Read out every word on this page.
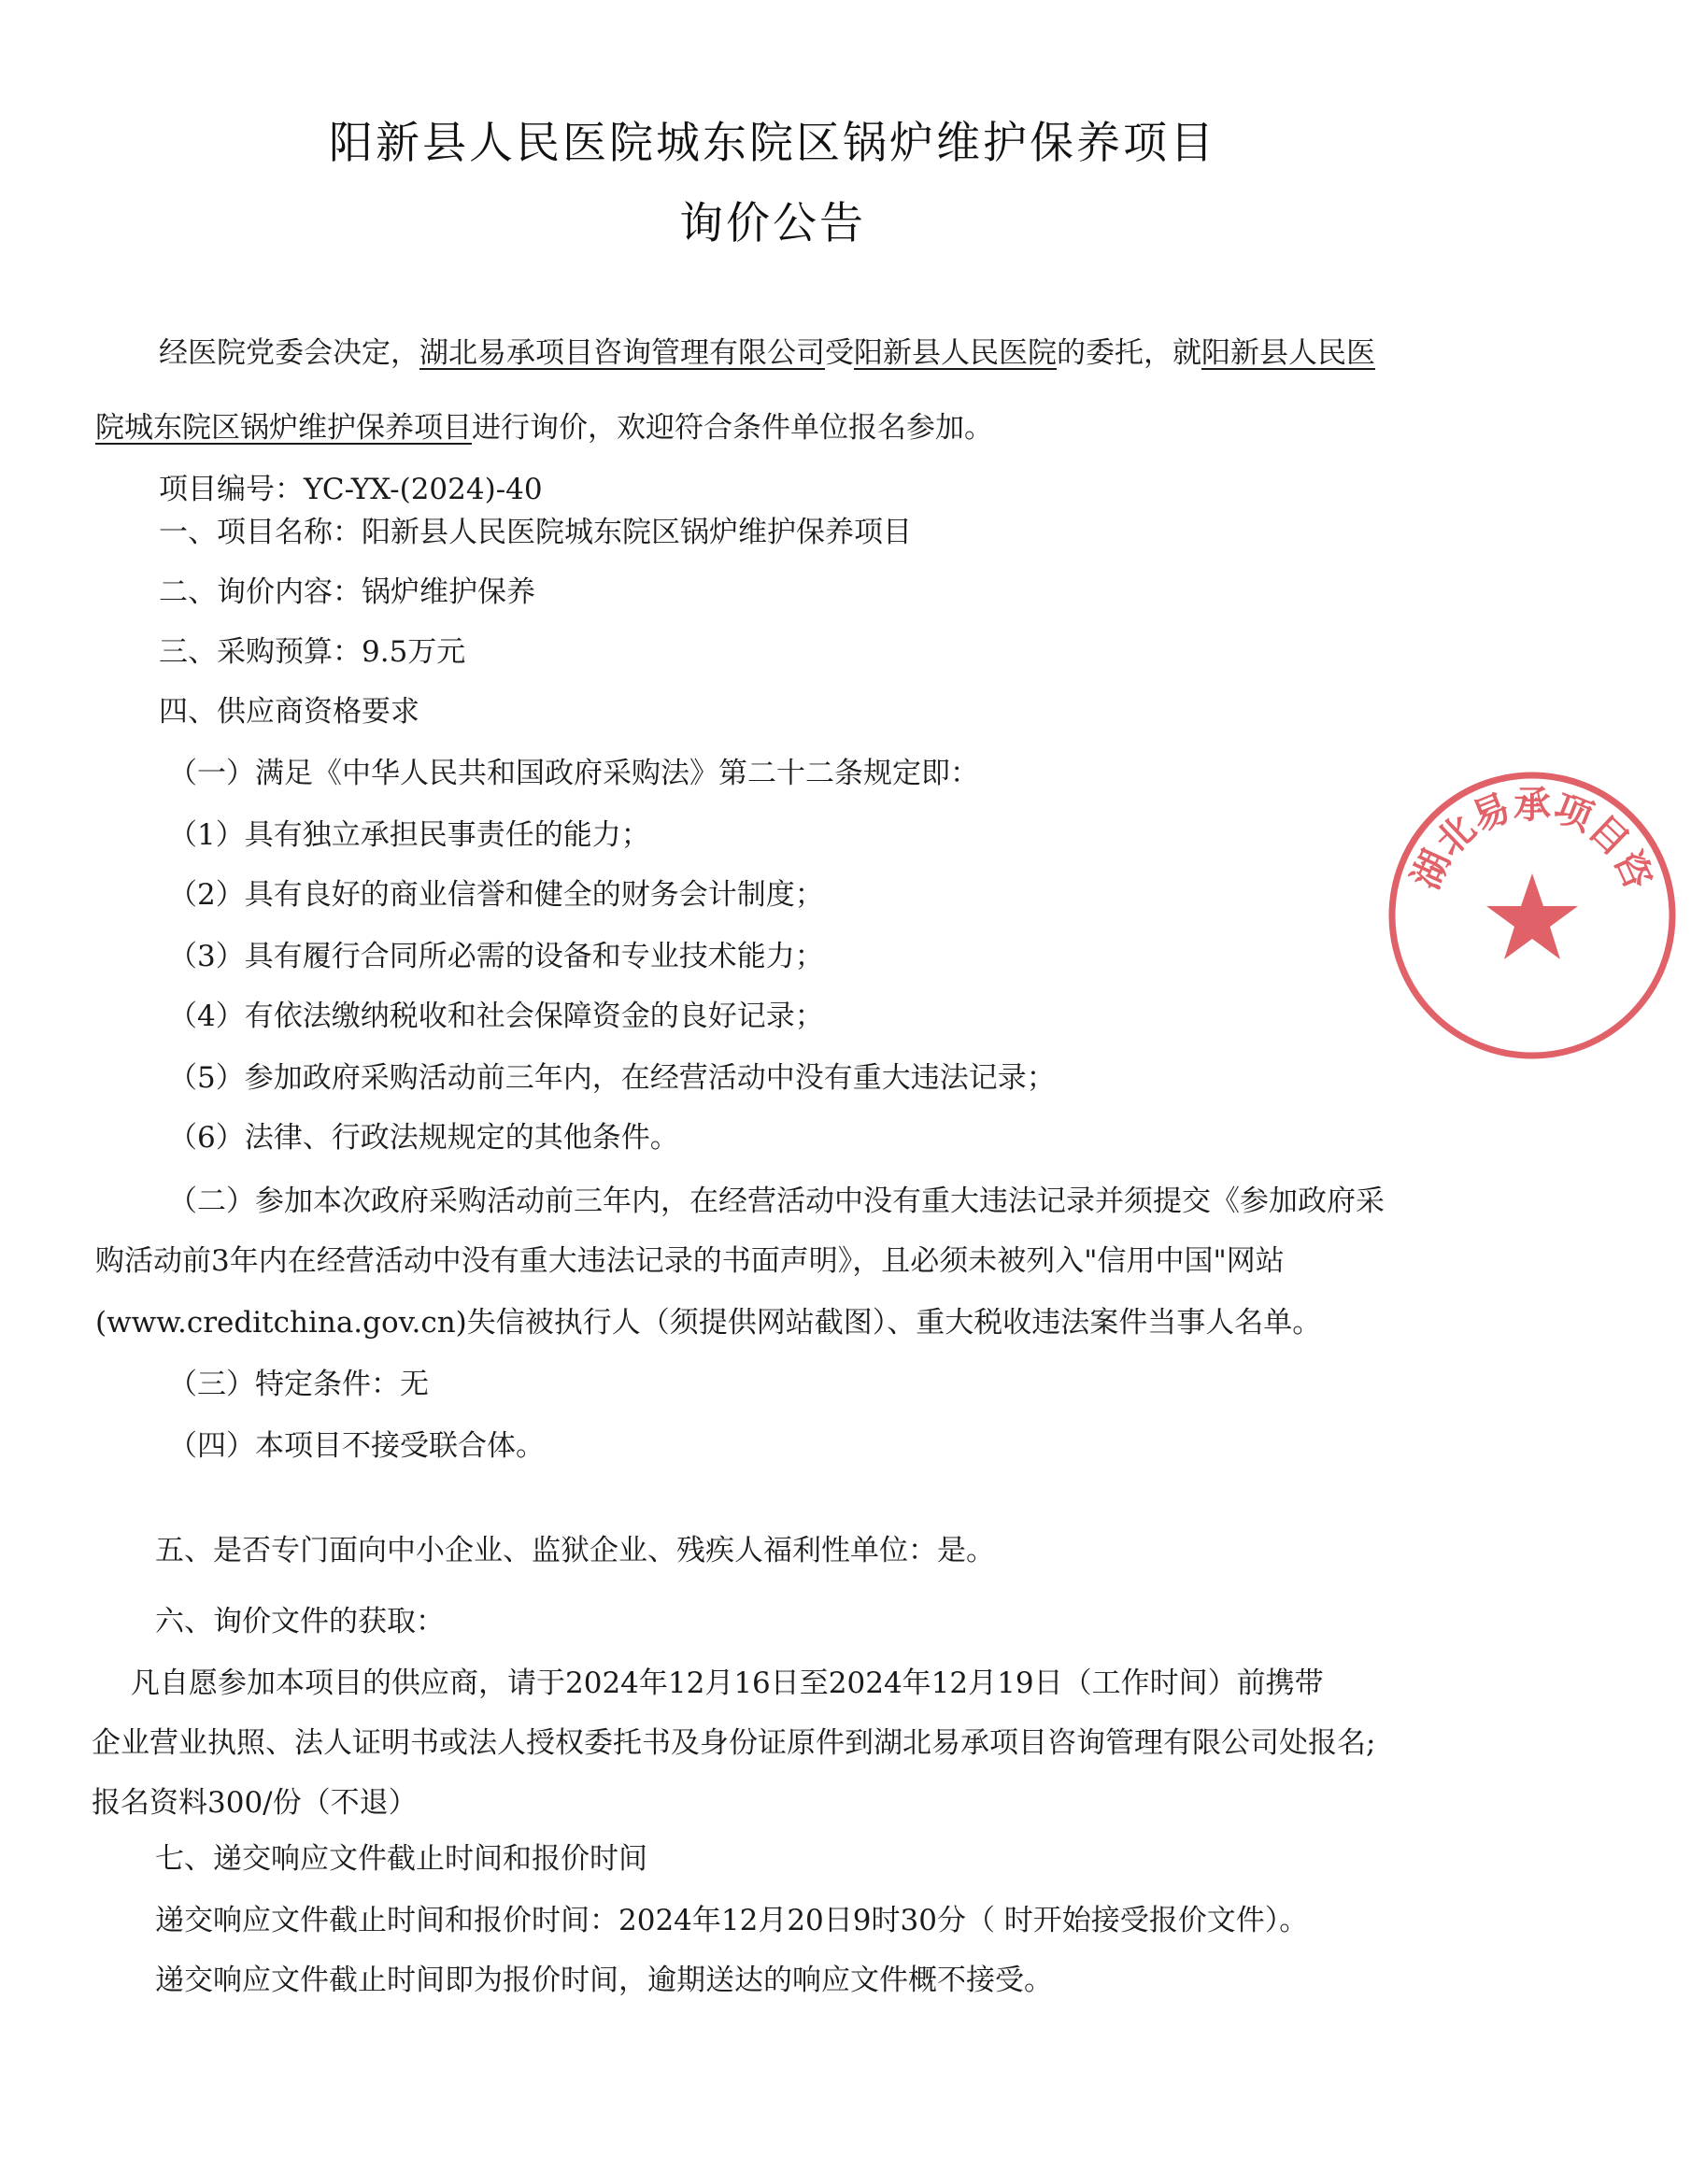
阳新县人民医院城东院区锅炉维护保养项目
询价公告
经医院党委会决定，湖北易承项目咨询管理有限公司受阳新县人民医院的委托，就阳新县人民医
院城东院区锅炉维护保养项目进行询价，欢迎符合条件单位报名参加。
项目编号：YC-YX-(2024)-40
一、项目名称：阳新县人民医院城东院区锅炉维护保养项目
二、询价内容：锅炉维护保养
三、采购预算：9.5万元
四、供应商资格要求
（一）满足《中华人民共和国政府采购法》第二十二条规定即：
（1）具有独立承担民事责任的能力；
（2）具有良好的商业信誉和健全的财务会计制度；
（3）具有履行合同所必需的设备和专业技术能力；
（4）有依法缴纳税收和社会保障资金的良好记录；
（5）参加政府采购活动前三年内，在经营活动中没有重大违法记录；
（6）法律、行政法规规定的其他条件。
（二）参加本次政府采购活动前三年内，在经营活动中没有重大违法记录并须提交《参加政府采
购活动前3年内在经营活动中没有重大违法记录的书面声明》，且必须未被列入"信用中国"网站
(www.creditchina.gov.cn)失信被执行人（须提供网站截图）、重大税收违法案件当事人名单。
（三）特定条件：无
（四）本项目不接受联合体。
五、是否专门面向中小企业、监狱企业、残疾人福利性单位：是。
六、询价文件的获取：
凡自愿参加本项目的供应商，请于2024年12月16日至2024年12月19日（工作时间）前携带
企业营业执照、法人证明书或法人授权委托书及身份证原件到湖北易承项目咨询管理有限公司处报名;
报名资料300/份（不退）
七、递交响应文件截止时间和报价时间
递交响应文件截止时间和报价时间：2024年12月20日9时30分（ 时开始接受报价文件）。
递交响应文件截止时间即为报价时间，逾期送达的响应文件概不接受。
湖北易承项目咨
